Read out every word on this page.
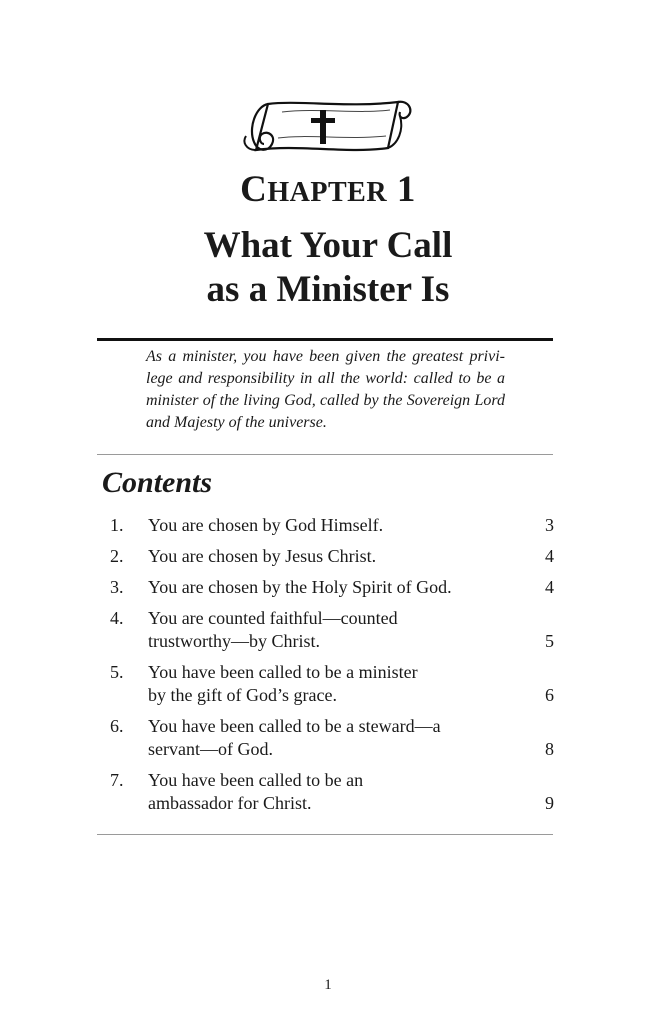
CHAPTER 1
What Your Call
as a Minister Is
As a minister, you have been given the greatest privi-lege and responsibility in all the world: called to be a minister of the living God, called by the Sovereign Lord and Majesty of the universe.
Contents
1.	You are chosen by God Himself.	3
2.	You are chosen by Jesus Christ.	4
3.	You are chosen by the Holy Spirit of God.	4
4.	You are counted faithful—counted
trustworthy—by Christ.	5
5.	You have been called to be a minister
by the gift of God’s grace.	6
6.	You have been called to be a steward—a
servant—of God.	8
7.	You have been called to be an
ambassador for Christ.	9
1
